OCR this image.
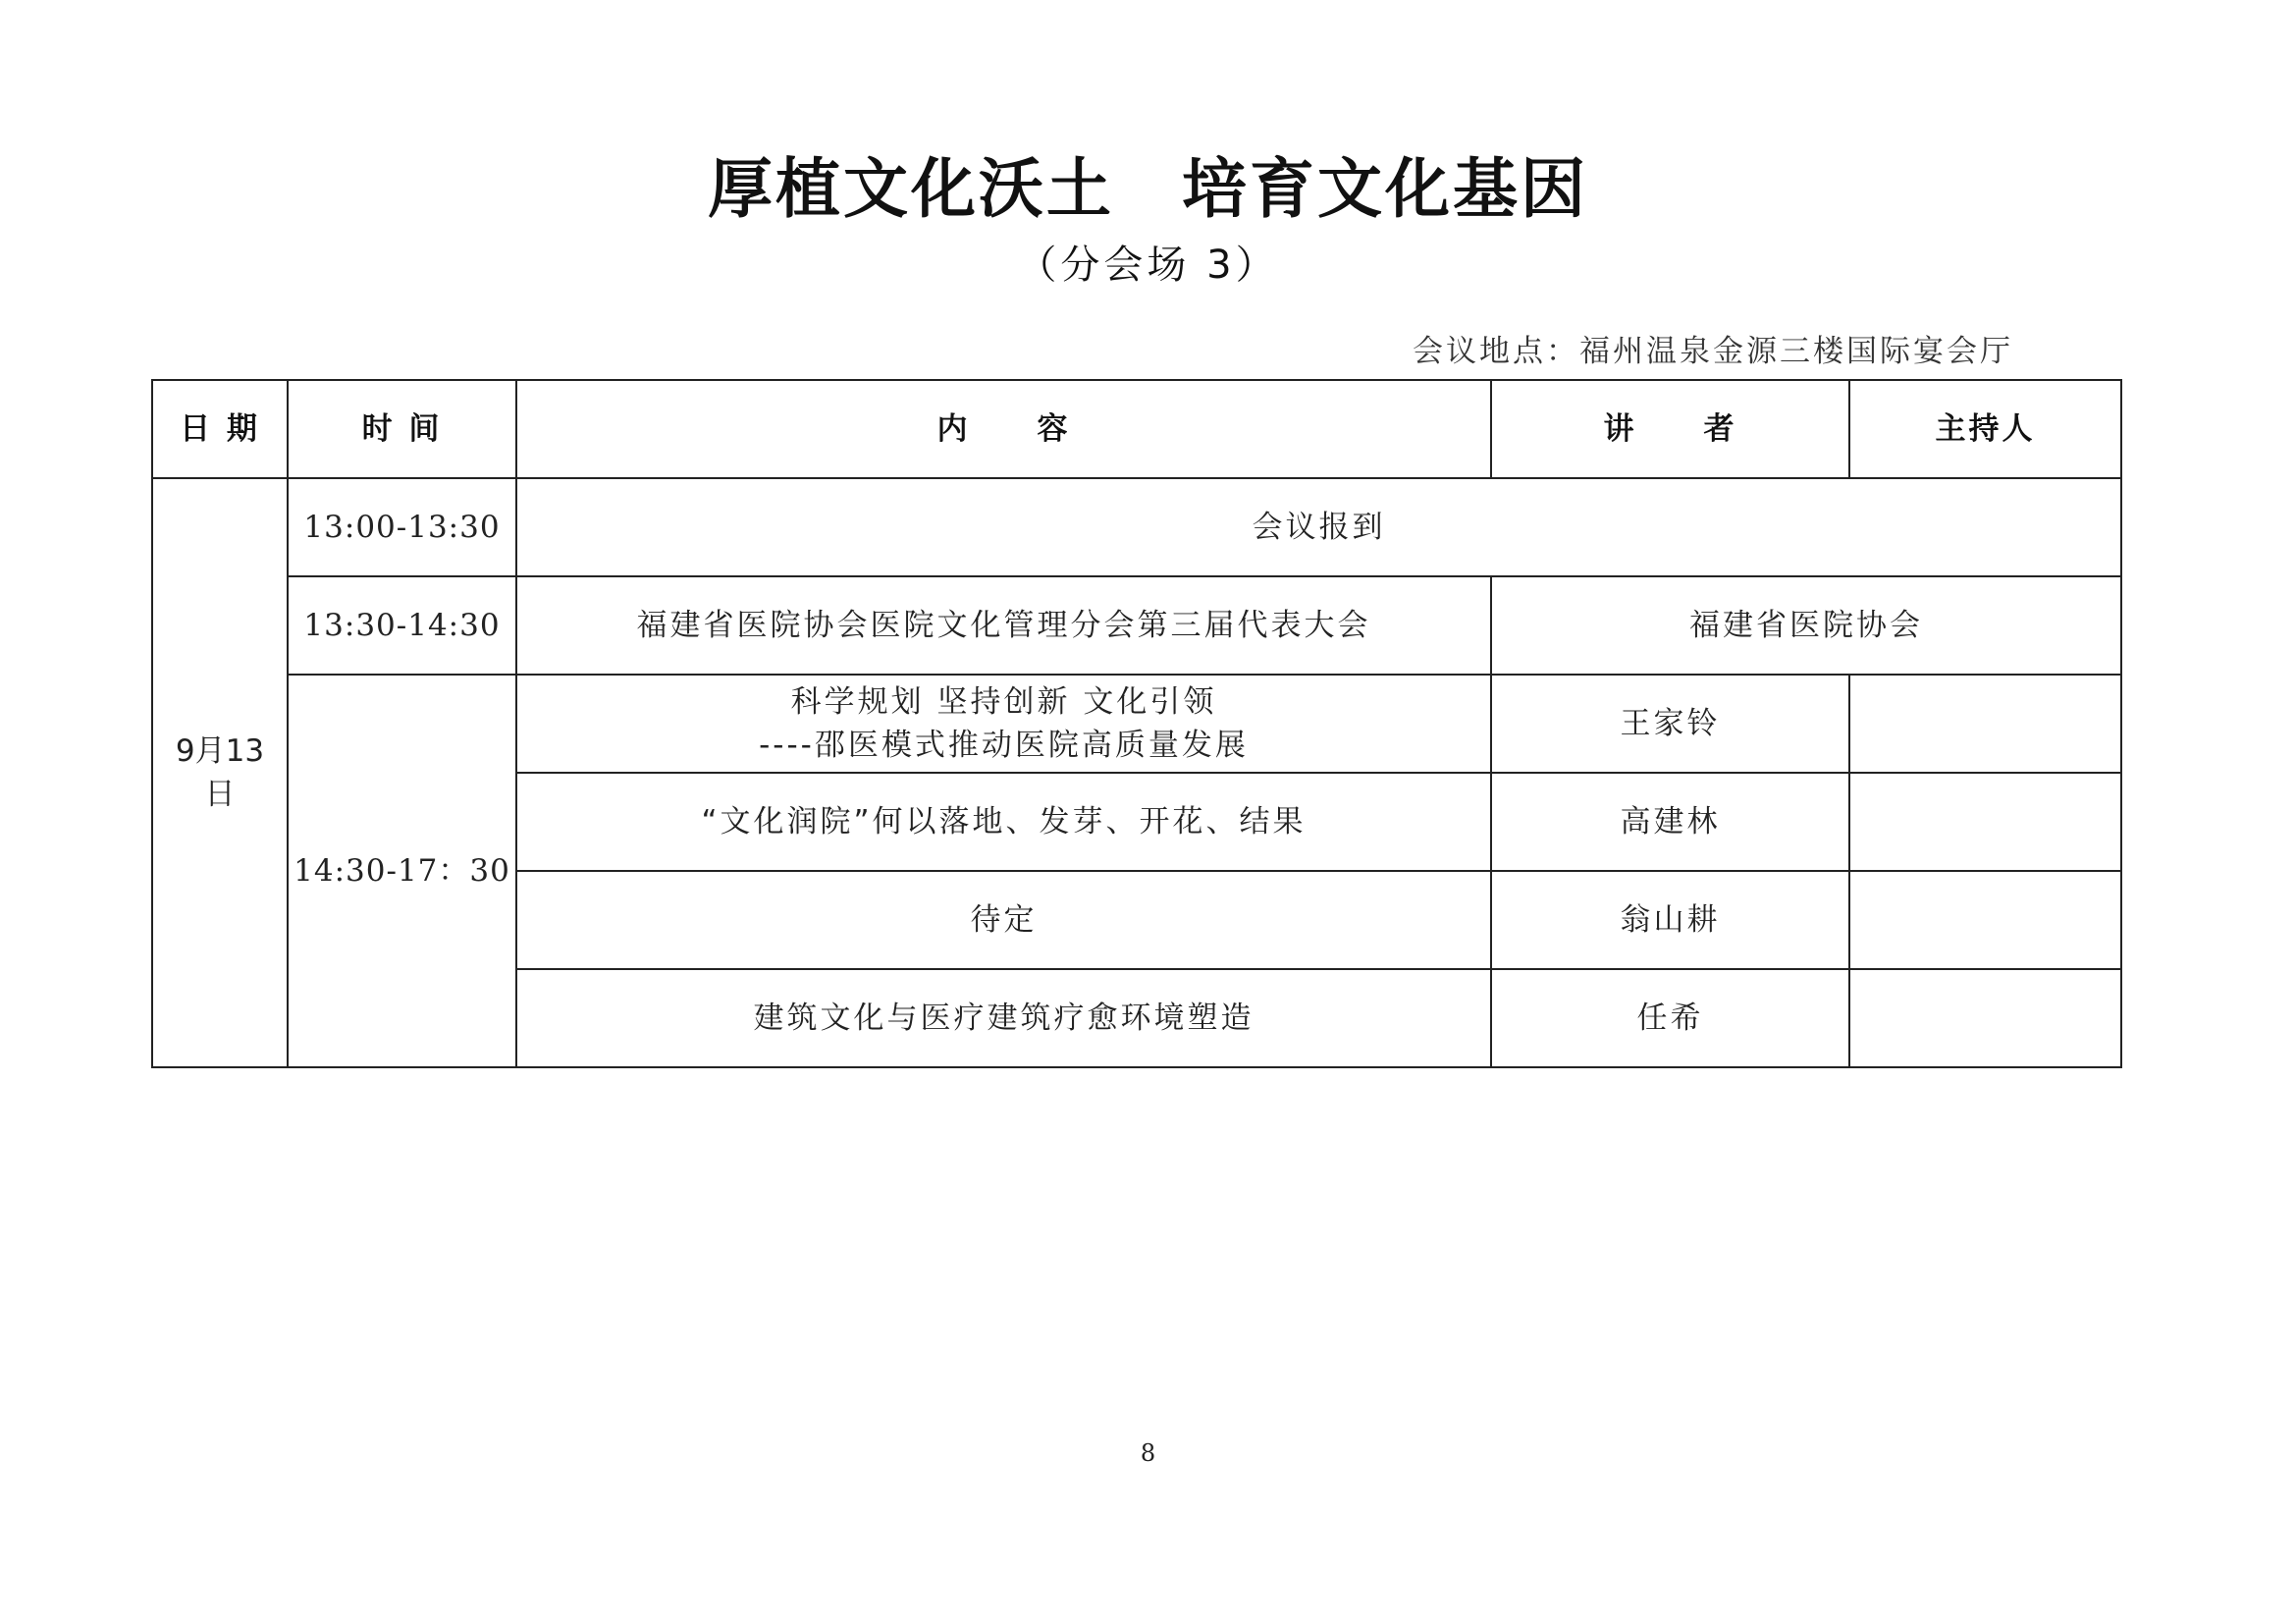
厚植文化沃土　培育文化基因
（分会场 3）
会议地点：福州温泉金源三楼国际宴会厅
日 期	时 间	内　　容	讲　　者	主持人

9月13
日	13:00-13:30	会议报到		
	13:30-14:30	福建省医院协会医院文化管理分会第三届代表大会	福建省医院协会	
	14:30-17：30	科学规划 坚持创新 文化引领
----邵医模式推动医院高质量发展	王家铃	
		“文化润院”何以落地、发芽、开花、结果	高建林	
		待定	翁山耕	
		建筑文化与医疗建筑疗愈环境塑造	任希	
8
